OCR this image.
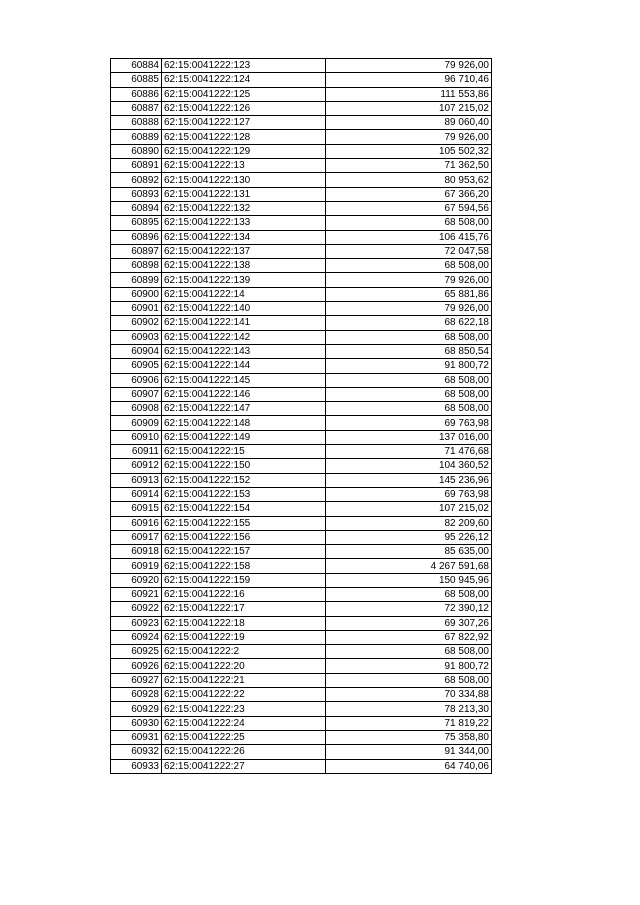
60884	62:15:0041222:123	79 926,00
60885	62:15:0041222:124	96 710,46
60886	62:15:0041222:125	111 553,86
60887	62:15:0041222:126	107 215,02
60888	62:15:0041222:127	89 060,40
60889	62:15:0041222:128	79 926,00
60890	62:15:0041222:129	105 502,32
60891	62:15:0041222:13	71 362,50
60892	62:15:0041222:130	80 953,62
60893	62:15:0041222:131	67 366,20
60894	62:15:0041222:132	67 594,56
60895	62:15:0041222:133	68 508,00
60896	62:15:0041222:134	106 415,76
60897	62:15:0041222:137	72 047,58
60898	62:15:0041222:138	68 508,00
60899	62:15:0041222:139	79 926,00
60900	62:15:0041222:14	65 881,86
60901	62:15:0041222:140	79 926,00
60902	62:15:0041222:141	68 622,18
60903	62:15:0041222:142	68 508,00
60904	62:15:0041222:143	68 850,54
60905	62:15:0041222:144	91 800,72
60906	62:15:0041222:145	68 508,00
60907	62:15:0041222:146	68 508,00
60908	62:15:0041222:147	68 508,00
60909	62:15:0041222:148	69 763,98
60910	62:15:0041222:149	137 016,00
60911	62:15:0041222:15	71 476,68
60912	62:15:0041222:150	104 360,52
60913	62:15:0041222:152	145 236,96
60914	62:15:0041222:153	69 763,98
60915	62:15:0041222:154	107 215,02
60916	62:15:0041222:155	82 209,60
60917	62:15:0041222:156	95 226,12
60918	62:15:0041222:157	85 635,00
60919	62:15:0041222:158	4 267 591,68
60920	62:15:0041222:159	150 945,96
60921	62:15:0041222:16	68 508,00
60922	62:15:0041222:17	72 390,12
60923	62:15:0041222:18	69 307,26
60924	62:15:0041222:19	67 822,92
60925	62:15:0041222:2	68 508,00
60926	62:15:0041222:20	91 800,72
60927	62:15:0041222:21	68 508,00
60928	62:15:0041222:22	70 334,88
60929	62:15:0041222:23	78 213,30
60930	62:15:0041222:24	71 819,22
60931	62:15:0041222:25	75 358,80
60932	62:15:0041222:26	91 344,00
60933	62:15:0041222:27	64 740,06
